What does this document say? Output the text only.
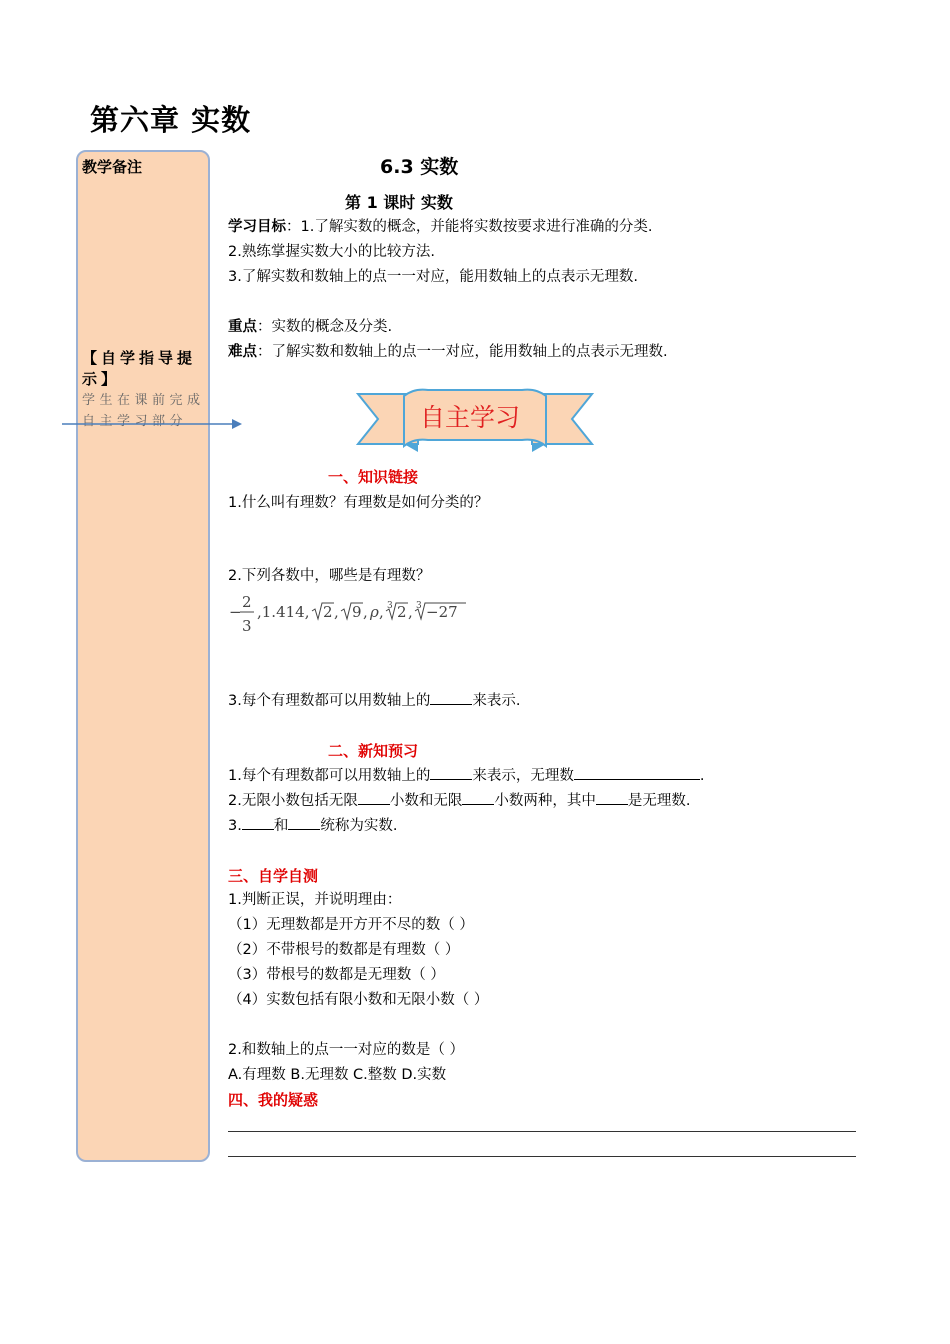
第六章 实数
教学备注
【自学指导提示】
学生在课前完成自主学习部分
6.3 实数
第 1 课时 实数
学习目标：1.了解实数的概念，并能将实数按要求进行准确的分类.
2.熟练掌握实数大小的比较方法.
3.了解实数和数轴上的点一一对应，能用数轴上的点表示无理数.
重点：实数的概念及分类.
难点：了解实数和数轴上的点一一对应，能用数轴上的点表示无理数.
自主学习
一、知识链接
1.什么叫有理数？有理数是如何分类的？
2.下列各数中，哪些是有理数？
−
2
3
,1.414, 2 , 9 , ρ , 3 2 , 3 −27
3.每个有理数都可以用数轴上的	来表示.
二、新知预习
1.每个有理数都可以用数轴上的	来表示，无理数	.
2.无限小数包括无限 小数和无限 小数两种，其中 是无理数.
3. 和 统称为实数.
三、自学自测
1.判断正误，并说明理由：
（1）无理数都是开方开不尽的数（ ）
（2）不带根号的数都是有理数（ ）
（3）带根号的数都是无理数（ ）
（4）实数包括有限小数和无限小数（ ）
2.和数轴上的点一一对应的数是（ ）
A.有理数 B.无理数 C.整数 D.实数
四、我的疑惑
